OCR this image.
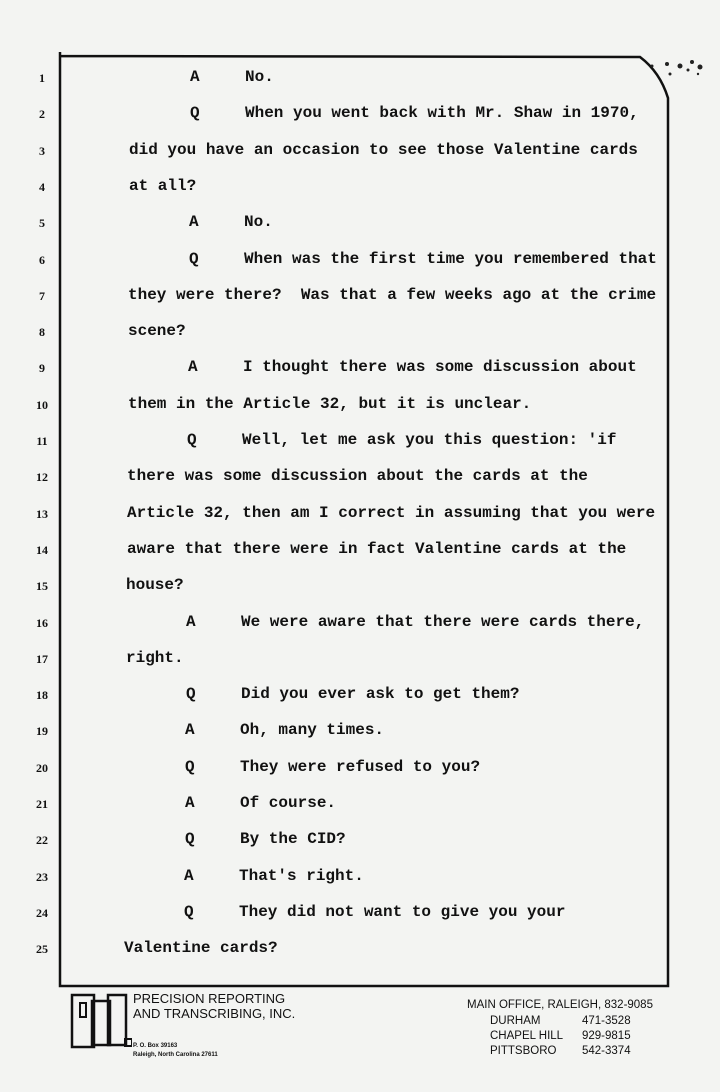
1	A	No.
2	Q	When you went back with Mr. Shaw in 1970,
3	did you have an occasion to see those Valentine cards
4	at all?
5	A	No.
6	Q	When was the first time you remembered that
7	they were there?  Was that a few weeks ago at the crime
8	scene?
9	A	I thought there was some discussion about
10	them in the Article 32, but it is unclear.
11	Q	Well, let me ask you this question: 'if
12	there was some discussion about the cards at the
13	Article 32, then am I correct in assuming that you were
14	aware that there were in fact Valentine cards at the
15	house?
16	A	We were aware that there were cards there,
17	right.
18	Q	Did you ever ask to get them?
19	A	Oh, many times.
20	Q	They were refused to you?
21	A	Of course.
22	Q	By the CID?
23	A	That's right.
24	Q	They did not want to give you your
25	Valentine cards?
PRECISION REPORTING
AND TRANSCRIBING, INC.
P. O. Box 39163
Raleigh, North Carolina 27611
MAIN OFFICE, RALEIGH, 832-9085
DURHAM	471-3528
CHAPEL HILL	929-9815
PITTSBORO	542-3374
